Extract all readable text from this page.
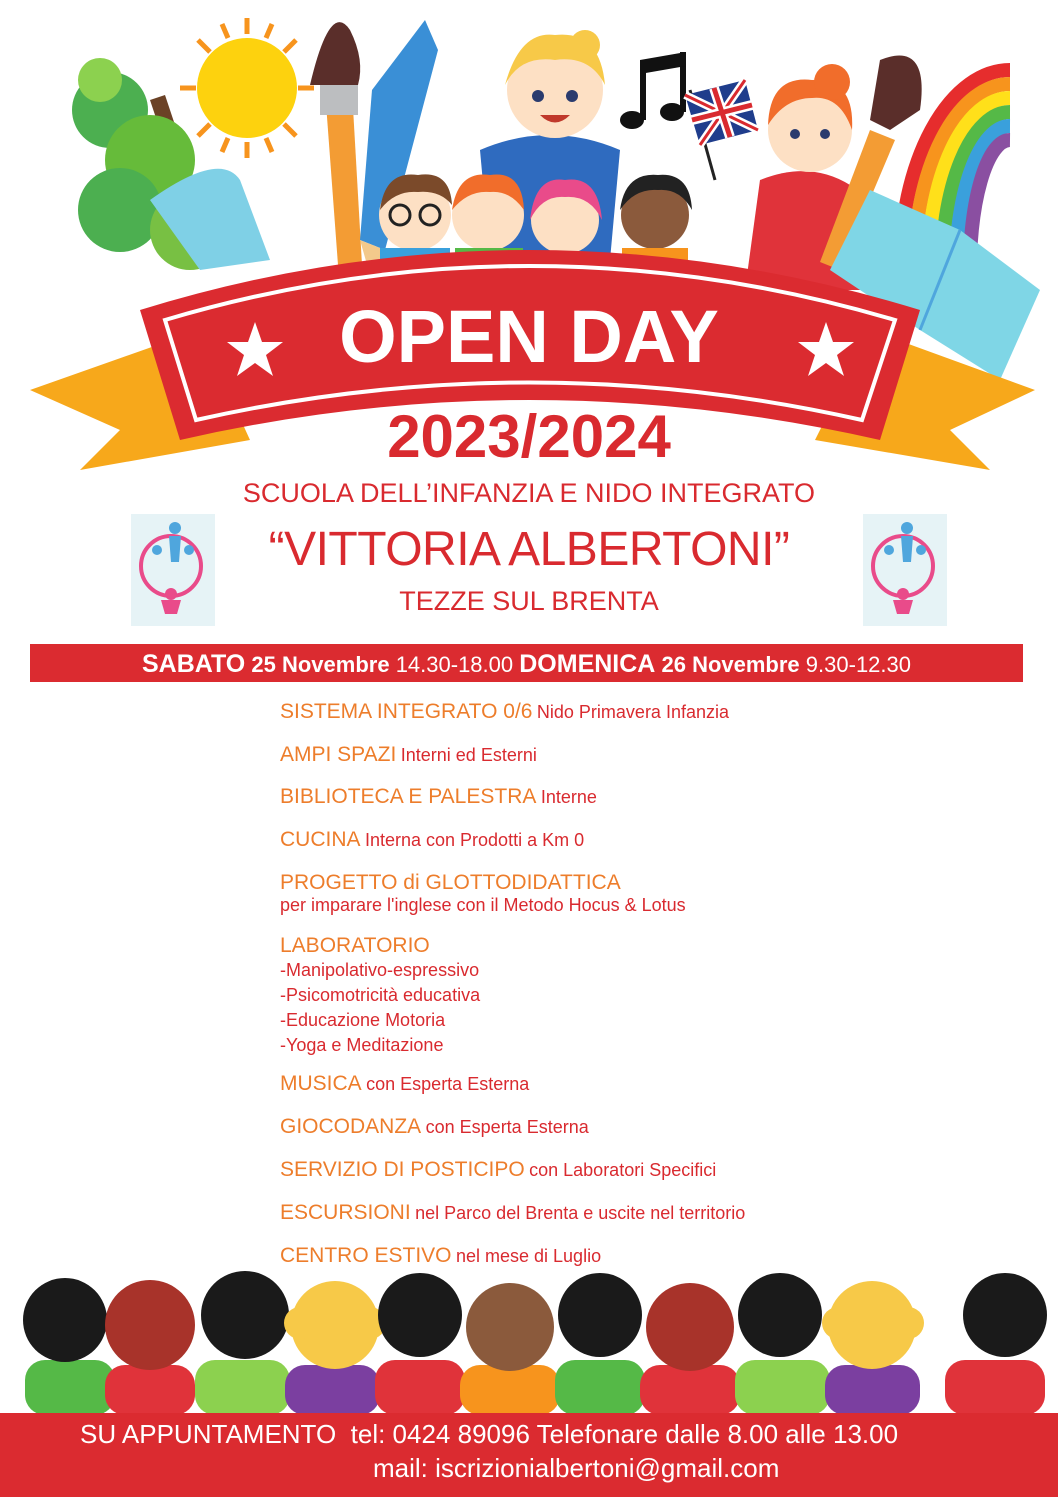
OPEN DAY
2023/2024
SCUOLA DELL’INFANZIA E NIDO INTEGRATO
“VITTORIA ALBERTONI”
TEZZE SUL BRENTA
SABATO 25 Novembre 14.30-18.00 DOMENICA 26 Novembre 9.30-12.30
SISTEMA INTEGRATO 0/6 Nido Primavera Infanzia
AMPI SPAZI Interni ed Esterni
BIBLIOTECA E PALESTRA Interne
CUCINA Interna con Prodotti a Km 0
PROGETTO di GLOTTODIDATTICA
per imparare l'inglese con il Metodo Hocus & Lotus
LABORATORIO
-Manipolativo-espressivo
-Psicomotricità educativa
-Educazione Motoria
-Yoga e Meditazione
MUSICA con Esperta Esterna
GIOCODANZA con Esperta Esterna
SERVIZIO DI POSTICIPO con Laboratori Specifici
ESCURSIONI nel Parco del Brenta e uscite nel territorio
CENTRO ESTIVO nel mese di Luglio
SU APPUNTAMENTO  tel: 0424 89096 Telefonare dalle 8.00 alle 13.00
mail: iscrizionialbertoni@gmail.com
